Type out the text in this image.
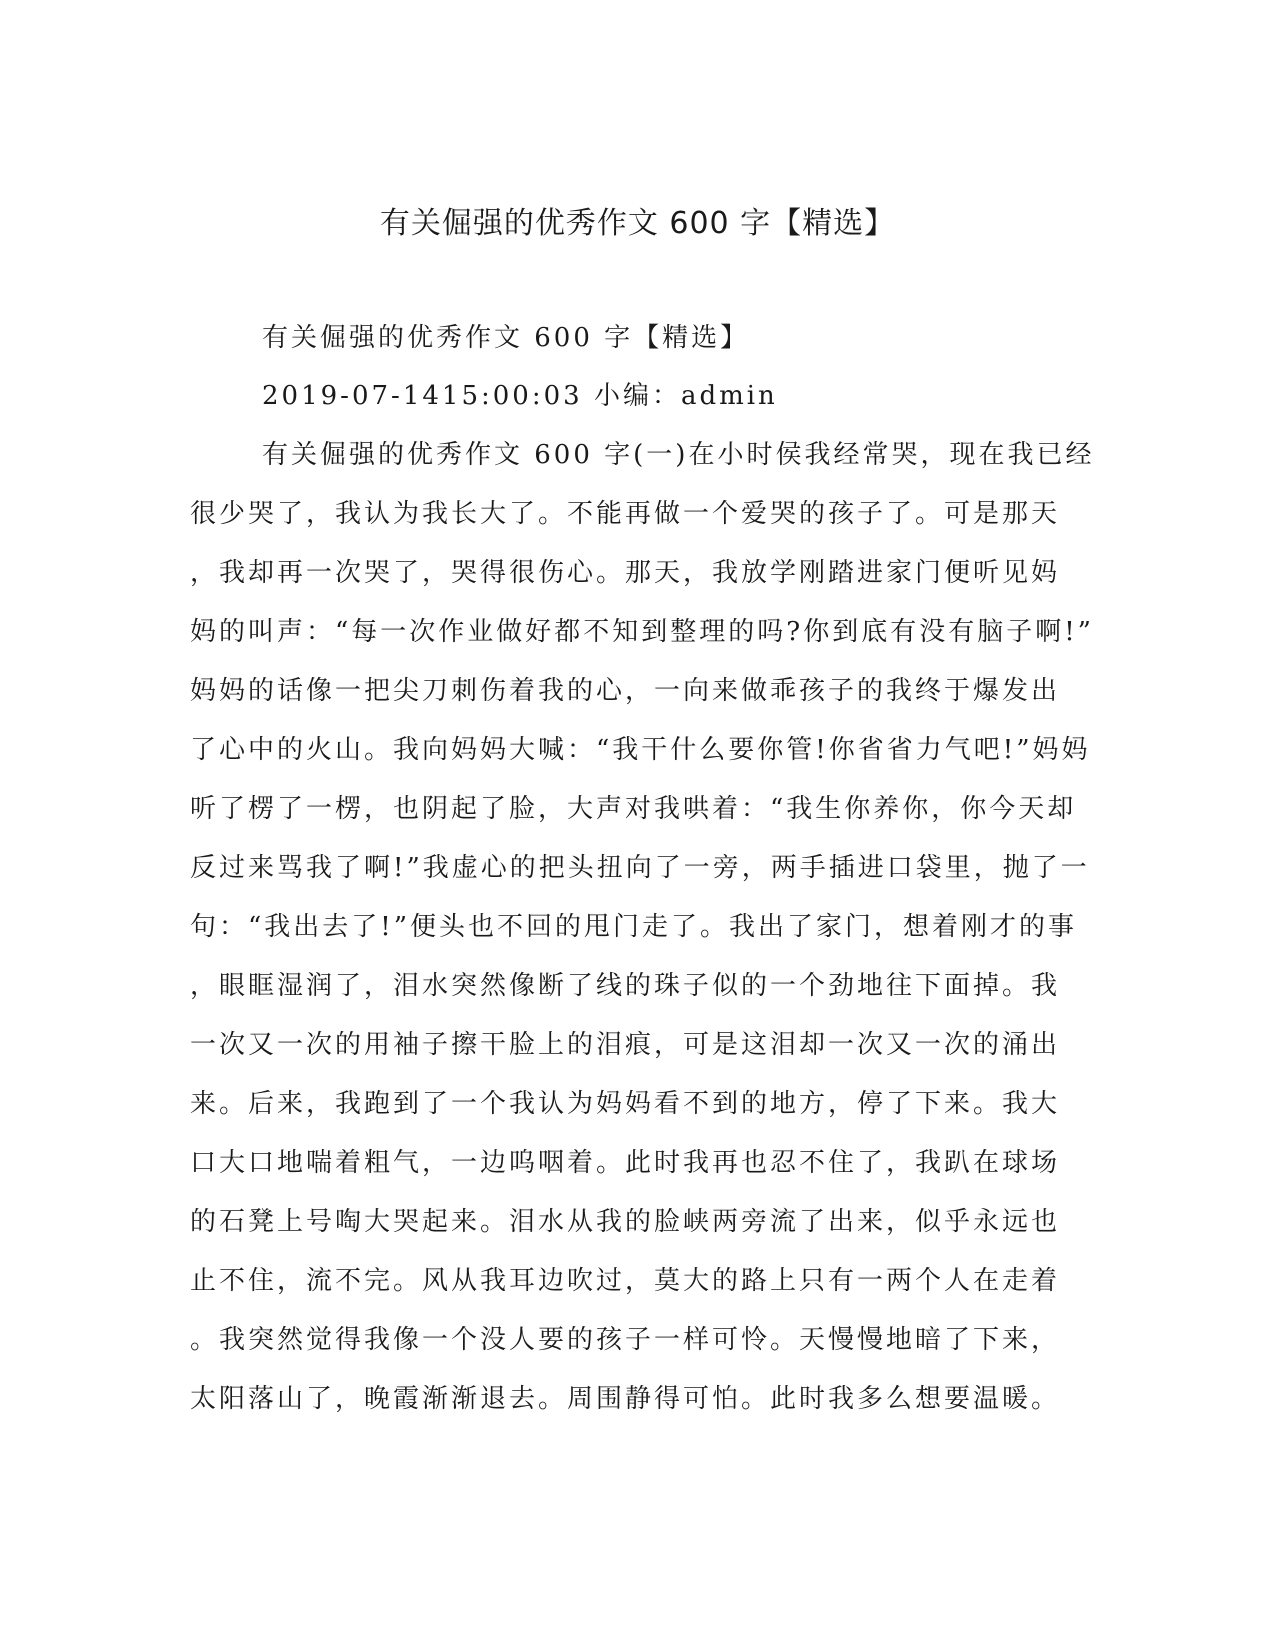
有关倔强的优秀作文 600 字【精选】

有关倔强的优秀作文 600 字【精选】

2019-07-1415:00:03 小编：admin

有关倔强的优秀作文 600 字(一)在小时侯我经常哭，现在我已经

很少哭了，我认为我长大了。不能再做一个爱哭的孩子了。可是那天

，我却再一次哭了，哭得很伤心。那天，我放学刚踏进家门便听见妈

妈的叫声：“每一次作业做好都不知到整理的吗?你到底有没有脑子啊!”

妈妈的话像一把尖刀刺伤着我的心，一向来做乖孩子的我终于爆发出

了心中的火山。我向妈妈大喊：“我干什么要你管!你省省力气吧!”妈妈

听了楞了一楞，也阴起了脸，大声对我哄着：“我生你养你，你今天却

反过来骂我了啊!”我虚心的把头扭向了一旁，两手插进口袋里，抛了一

句：“我出去了!”便头也不回的甩门走了。我出了家门，想着刚才的事

，眼眶湿润了，泪水突然像断了线的珠子似的一个劲地往下面掉。我

一次又一次的用袖子擦干脸上的泪痕，可是这泪却一次又一次的涌出

来。后来，我跑到了一个我认为妈妈看不到的地方，停了下来。我大

口大口地喘着粗气，一边呜咽着。此时我再也忍不住了，我趴在球场

的石凳上号啕大哭起来。泪水从我的脸峡两旁流了出来，似乎永远也

止不住，流不完。风从我耳边吹过，莫大的路上只有一两个人在走着

。我突然觉得我像一个没人要的孩子一样可怜。天慢慢地暗了下来，

太阳落山了，晚霞渐渐退去。周围静得可怕。此时我多么想要温暖。
